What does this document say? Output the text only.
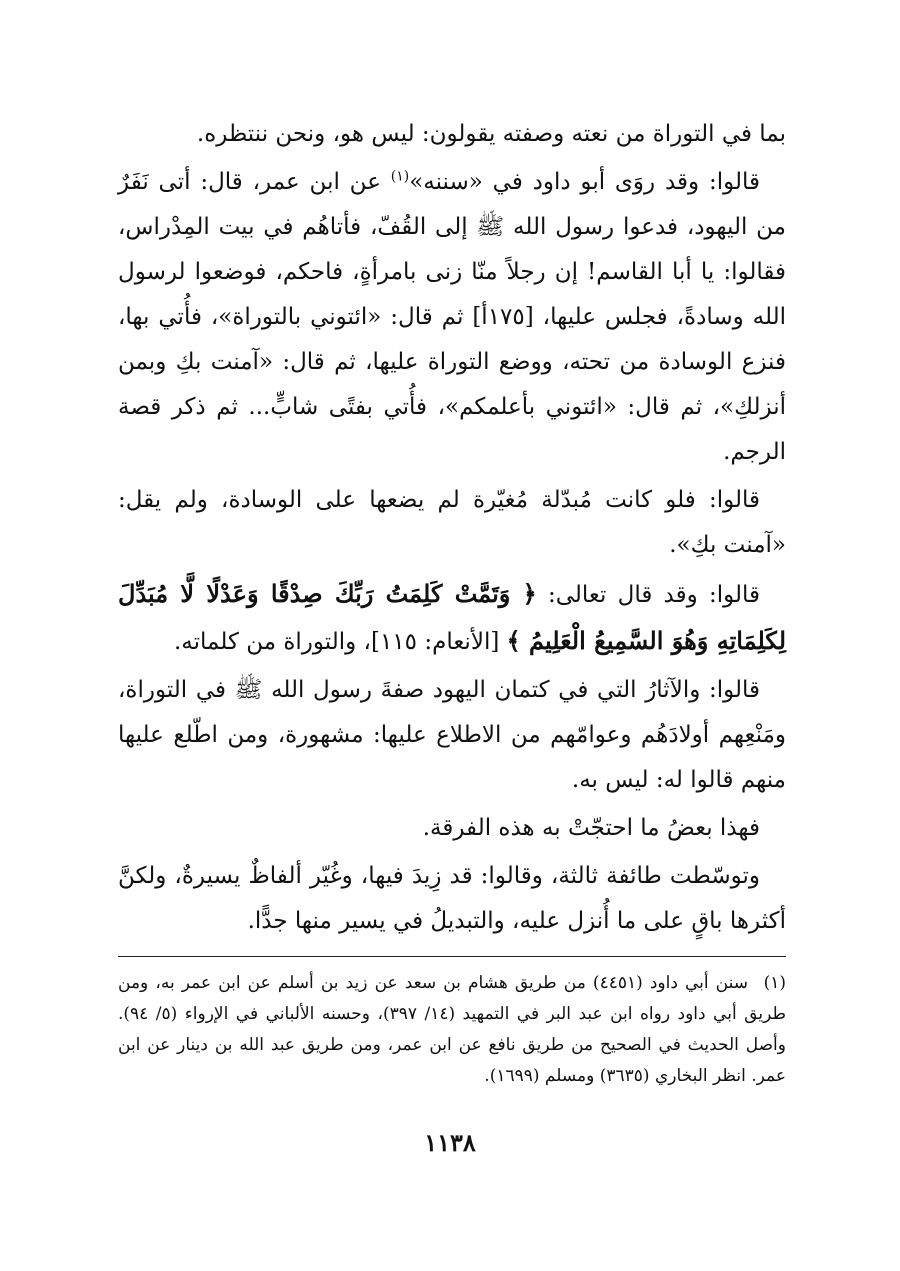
بما في التوراة من نعته وصفته يقولون: ليس هو، ونحن ننتظره.

قالوا: وقد روَى أبو داود في «سننه»$^{(١)}$ عن ابن عمر، قال: أتى نَفَرٌ من اليهود، فدعوا رسول الله ﷺ إلى القُفّ، فأتاهُم في بيت المِدْراس، فقالوا: يا أبا القاسم! إن رجلاً منّا زنى بامرأةٍ، فاحكم، فوضعوا لرسول الله وسادةً، فجلس عليها، [١٧٥أ] ثم قال: «ائتوني بالتوراة»، فأُتي بها، فنزع الوسادة من تحته، ووضع التوراة عليها، ثم قال: «آمنت بكِ وبمن أنزلكِ»، ثم قال: «ائتوني بأعلمكم»، فأُتي بفتًى شابٍّ... ثم ذكر قصة الرجم.

قالوا: فلو كانت مُبدّلة مُغيّرة لم يضعها على الوسادة، ولم يقل: «آمنت بكِ».

قالوا: وقد قال تعالى: ﴿ وَتَمَّتْ كَلِمَتُ رَبِّكَ صِدْقًا وَعَدْلًا لَّا مُبَدِّلَ لِكَلِمَاتِهِ وَهُوَ السَّمِيعُ الْعَلِيمُ ﴾ [الأنعام: ١١٥]، والتوراة من كلماته.

قالوا: والآثارُ التي في كتمان اليهود صفةَ رسول الله ﷺ في التوراة، ومَنْعِهم أولادَهُم وعوامّهم من الاطلاع عليها: مشهورة، ومن اطّلع عليها منهم قالوا له: ليس به.

فهذا بعضُ ما احتجّتْ به هذه الفرقة.

وتوسّطت طائفة ثالثة، وقالوا: قد زِيدَ فيها، وغُيّر ألفاظٌ يسيرةٌ، ولكنَّ أكثرها باقٍ على ما أُنزل عليه، والتبديلُ في يسير منها جدًّا.

(١)سنن أبي داود (٤٤٥١) من طريق هشام بن سعد عن زيد بن أسلم عن ابن عمر به، ومن طريق أبي داود رواه ابن عبد البر في التمهيد (١٤/ ٣٩٧)، وحسنه الألباني في الإرواء (٥/ ٩٤). وأصل الحديث في الصحيح من طريق نافع عن ابن عمر، ومن طريق عبد الله بن دينار عن ابن عمر. انظر البخاري (٣٦٣٥) ومسلم (١٦٩٩).
١١٣٨
